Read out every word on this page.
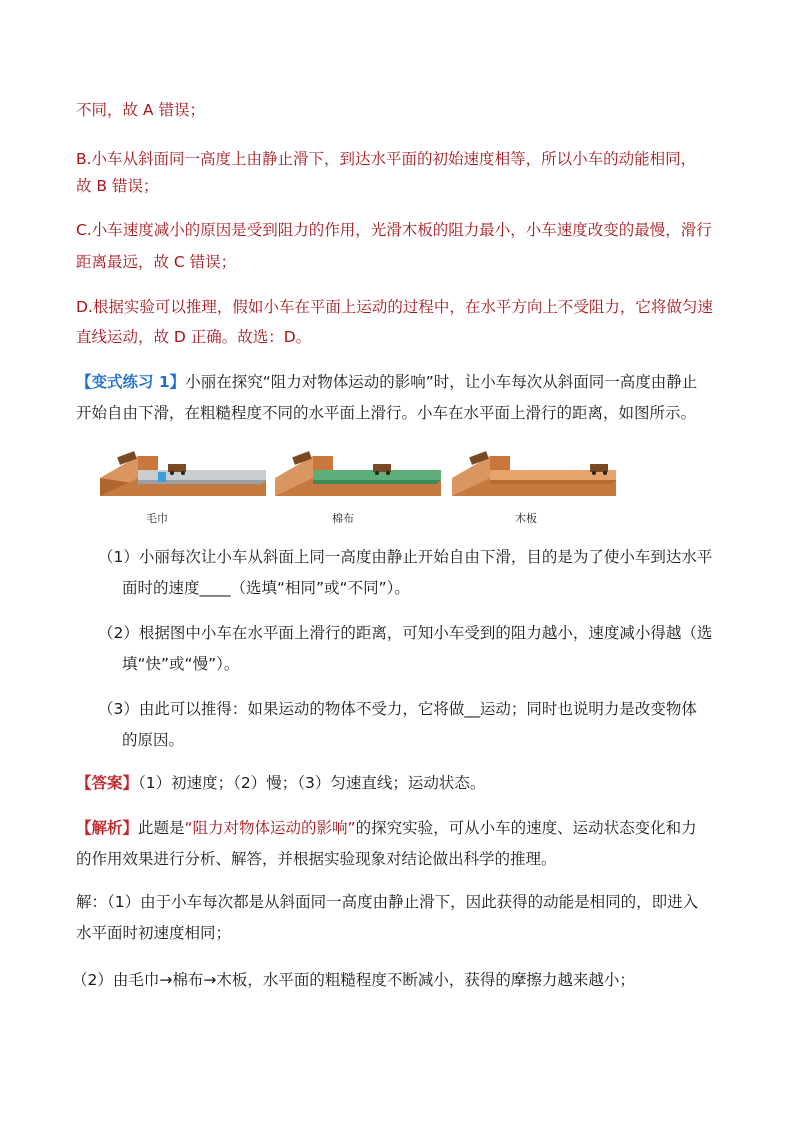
不同，故 A 错误；
B.小车从斜面同一高度上由静止滑下，到达水平面的初始速度相等，所以小车的动能相同，
故 B 错误；
C.小车速度减小的原因是受到阻力的作用，光滑木板的阻力最小，小车速度改变的最慢，滑行
距离最远，故 C 错误；
D.根据实验可以推理，假如小车在平面上运动的过程中，在水平方向上不受阻力，它将做匀速
直线运动，故 D 正确。故选：D。
【变式练习 1】小丽在探究“阻力对物体运动的影响”时，让小车每次从斜面同一高度由静止
开始自由下滑，在粗糙程度不同的水平面上滑行。小车在水平面上滑行的距离，如图所示。
毛巾	棉布	木板
（1）小丽每次让小车从斜面上同一高度由静止开始自由下滑，目的是为了使小车到达水平
面时的速度____（选填“相同”或“不同”）。
（2）根据图中小车在水平面上滑行的距离，可知小车受到的阻力越小，速度减小得越（选
填“快”或“慢”）。
（3）由此可以推得：如果运动的物体不受力，它将做__运动；同时也说明力是改变物体
的原因。
【答案】（1）初速度；（2）慢；（3）匀速直线；运动状态。
【解析】此题是“阻力对物体运动的影响”的探究实验，可从小车的速度、运动状态变化和力
的作用效果进行分析、解答，并根据实验现象对结论做出科学的推理。
解：（1）由于小车每次都是从斜面同一高度由静止滑下，因此获得的动能是相同的，即进入
水平面时初速度相同；
（2）由毛巾→棉布→木板，水平面的粗糙程度不断减小，获得的摩擦力越来越小；
